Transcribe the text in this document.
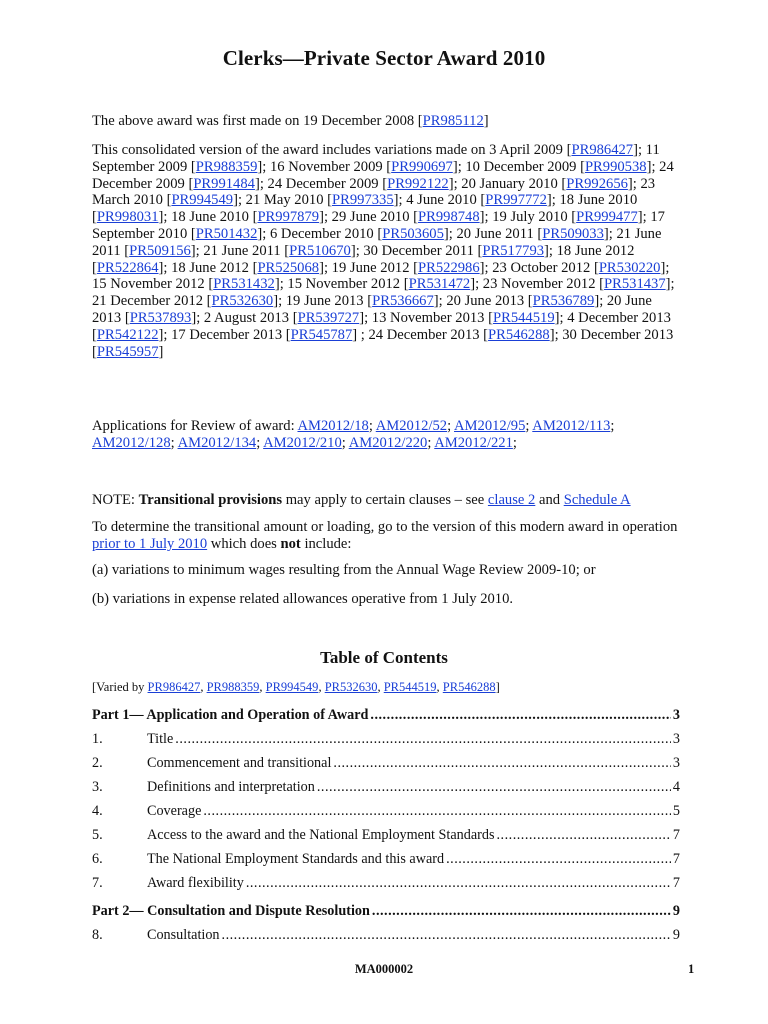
Clerks—Private Sector Award 2010
The above award was first made on 19 December 2008 [PR985112]
This consolidated version of the award includes variations made on 3 April 2009 [PR986427]; 11 September 2009 [PR988359]; 16 November 2009 [PR990697]; 10 December 2009 [PR990538]; 24 December 2009 [PR991484]; 24 December 2009 [PR992122]; 20 January 2010 [PR992656]; 23 March 2010 [PR994549]; 21 May 2010 [PR997335]; 4 June 2010 [PR997772]; 18 June 2010 [PR998031]; 18 June 2010 [PR997879]; 29 June 2010 [PR998748]; 19 July 2010 [PR999477]; 17 September 2010 [PR501432]; 6 December 2010 [PR503605]; 20 June 2011 [PR509033]; 21 June 2011 [PR509156]; 21 June 2011 [PR510670]; 30 December 2011 [PR517793]; 18 June 2012 [PR522864]; 18 June 2012 [PR525068]; 19 June 2012 [PR522986]; 23 October 2012 [PR530220]; 15 November 2012 [PR531432]; 15 November 2012 [PR531472]; 23 November 2012 [PR531437]; 21 December 2012 [PR532630]; 19 June 2013 [PR536667]; 20 June 2013 [PR536789]; 20 June 2013 [PR537893]; 2 August 2013 [PR539727]; 13 November 2013 [PR544519]; 4 December 2013 [PR542122]; 17 December 2013 [PR545787] ; 24 December 2013 [PR546288]; 30 December 2013 [PR545957]
Applications for Review of award: AM2012/18; AM2012/52; AM2012/95; AM2012/113; AM2012/128; AM2012/134; AM2012/210; AM2012/220; AM2012/221;
NOTE: Transitional provisions may apply to certain clauses – see clause 2 and Schedule A
To determine the transitional amount or loading, go to the version of this modern award in operation prior to 1 July 2010 which does not include:
(a) variations to minimum wages resulting from the Annual Wage Review 2009-10; or
(b) variations in expense related allowances operative from 1 July 2010.
Table of Contents
[Varied by PR986427, PR988359, PR994549, PR532630, PR544519, PR546288]
Part 1— Application and Operation of Award .....	3
1.	Title .....	3
2.	Commencement and transitional .....	3
3.	Definitions and interpretation .....	4
4.	Coverage .....	5
5.	Access to the award and the National Employment Standards .....	7
6.	The National Employment Standards and this award .....	7
7.	Award flexibility .....	7
Part 2— Consultation and Dispute Resolution .....	9
8.	Consultation .....	9
MA000002	1
